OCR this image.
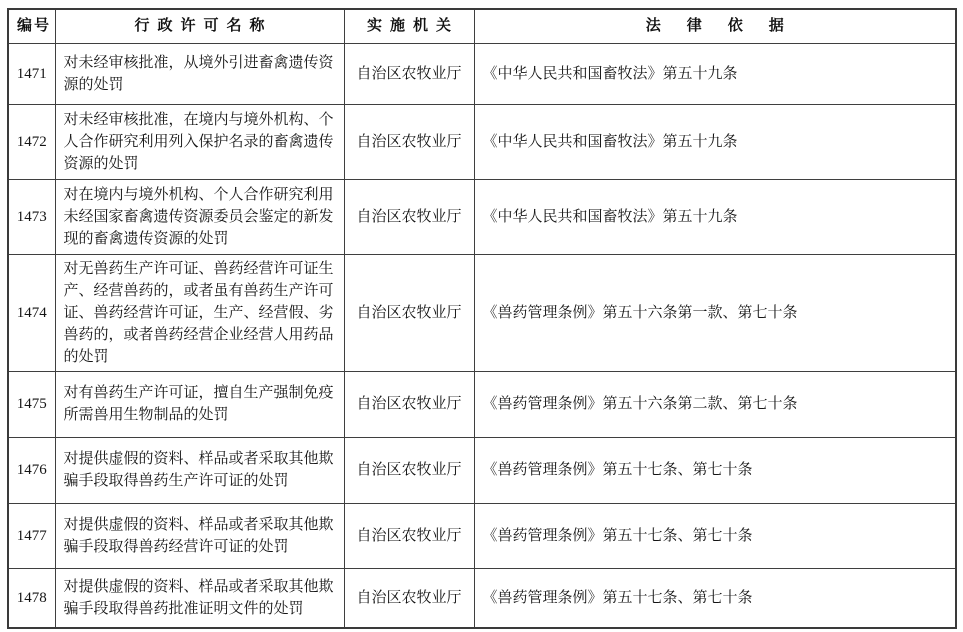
编号	行政许可名称	实施机关	法律依据
1471	对未经审核批准，从境外引进畜禽遗传资源的处罚	自治区农牧业厅	《中华人民共和国畜牧法》第五十九条
1472	对未经审核批准，在境内与境外机构、个人合作研究利用列入保护名录的畜禽遗传资源的处罚	自治区农牧业厅	《中华人民共和国畜牧法》第五十九条
1473	对在境内与境外机构、个人合作研究利用未经国家畜禽遗传资源委员会鉴定的新发现的畜禽遗传资源的处罚	自治区农牧业厅	《中华人民共和国畜牧法》第五十九条
1474	对无兽药生产许可证、兽药经营许可证生产、经营兽药的，或者虽有兽药生产许可证、兽药经营许可证，生产、经营假、劣兽药的，或者兽药经营企业经营人用药品的处罚	自治区农牧业厅	《兽药管理条例》第五十六条第一款、第七十条
1475	对有兽药生产许可证，擅自生产强制免疫所需兽用生物制品的处罚	自治区农牧业厅	《兽药管理条例》第五十六条第二款、第七十条
1476	对提供虚假的资料、样品或者采取其他欺骗手段取得兽药生产许可证的处罚	自治区农牧业厅	《兽药管理条例》第五十七条、第七十条
1477	对提供虚假的资料、样品或者采取其他欺骗手段取得兽药经营许可证的处罚	自治区农牧业厅	《兽药管理条例》第五十七条、第七十条
1478	对提供虚假的资料、样品或者采取其他欺骗手段取得兽药批准证明文件的处罚	自治区农牧业厅	《兽药管理条例》第五十七条、第七十条
